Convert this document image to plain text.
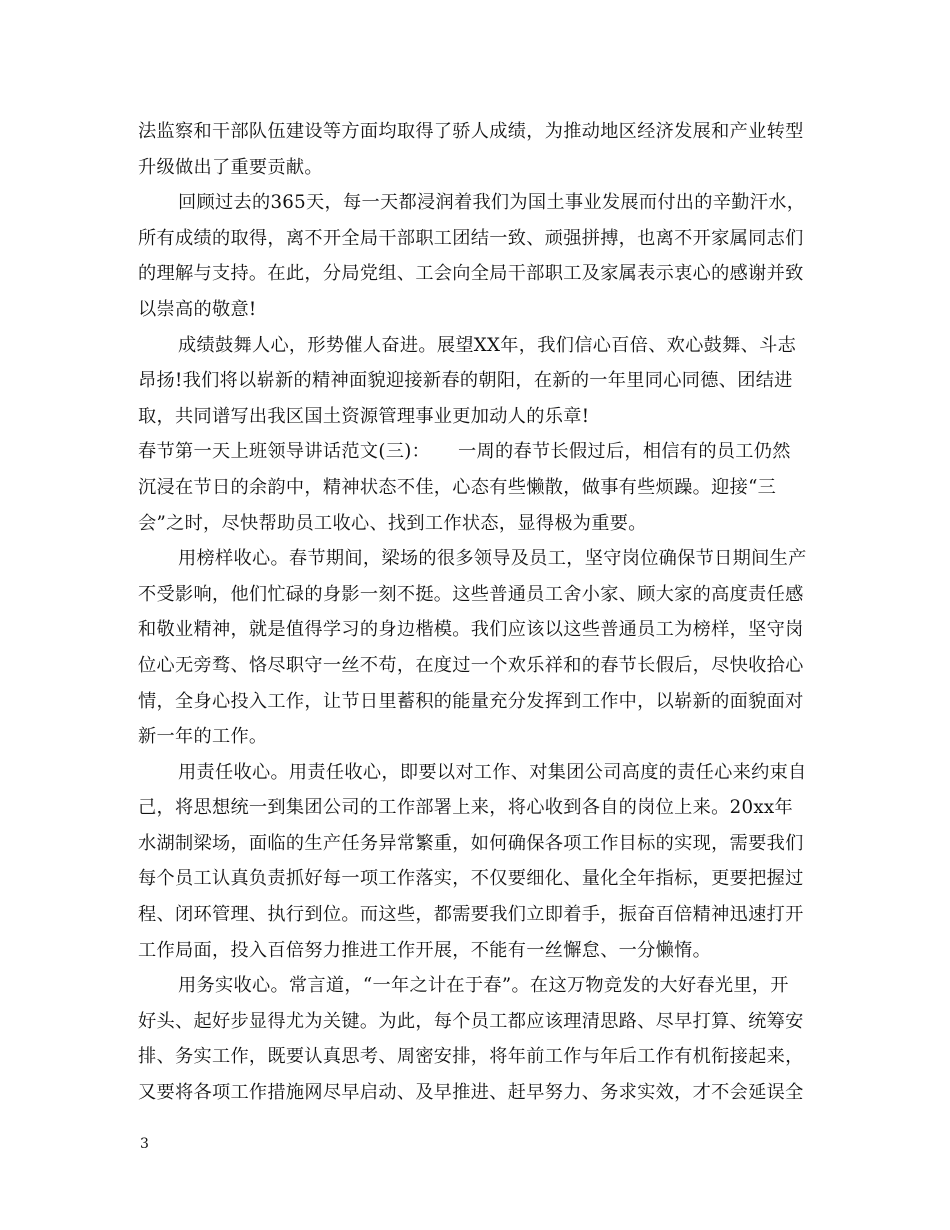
法监察和干部队伍建设等方面均取得了骄人成绩，为推动地区经济发展和产业转型
升级做出了重要贡献。
回顾过去的365天，每一天都浸润着我们为国土事业发展而付出的辛勤汗水，
所有成绩的取得，离不开全局干部职工团结一致、顽强拼搏，也离不开家属同志们
的理解与支持。在此，分局党组、工会向全局干部职工及家属表示衷心的感谢并致
以崇高的敬意!
成绩鼓舞人心，形势催人奋进。展望XX年，我们信心百倍、欢心鼓舞、斗志
昂扬!我们将以崭新的精神面貌迎接新春的朝阳，在新的一年里同心同德、团结进
取，共同谱写出我区国土资源管理事业更加动人的乐章!
春节第一天上班领导讲话范文(三)：　　一周的春节长假过后，相信有的员工仍然
沉浸在节日的余韵中，精神状态不佳，心态有些懒散，做事有些烦躁。迎接“三
会”之时，尽快帮助员工收心、找到工作状态，显得极为重要。
用榜样收心。春节期间，梁场的很多领导及员工，坚守岗位确保节日期间生产
不受影响，他们忙碌的身影一刻不挺。这些普通员工舍小家、顾大家的高度责任感
和敬业精神，就是值得学习的身边楷模。我们应该以这些普通员工为榜样，坚守岗
位心无旁骛、恪尽职守一丝不苟，在度过一个欢乐祥和的春节长假后，尽快收拾心
情，全身心投入工作，让节日里蓄积的能量充分发挥到工作中，以崭新的面貌面对
新一年的工作。
用责任收心。用责任收心，即要以对工作、对集团公司高度的责任心来约束自
己，将思想统一到集团公司的工作部署上来，将心收到各自的岗位上来。20xx年
水湖制梁场，面临的生产任务异常繁重，如何确保各项工作目标的实现，需要我们
每个员工认真负责抓好每一项工作落实，不仅要细化、量化全年指标，更要把握过
程、闭环管理、执行到位。而这些，都需要我们立即着手，振奋百倍精神迅速打开
工作局面，投入百倍努力推进工作开展，不能有一丝懈怠、一分懒惰。
用务实收心。常言道，“一年之计在于春”。在这万物竞发的大好春光里，开
好头、起好步显得尤为关键。为此，每个员工都应该理清思路、尽早打算、统筹安
排、务实工作，既要认真思考、周密安排，将年前工作与年后工作有机衔接起来，
又要将各项工作措施网尽早启动、及早推进、赶早努力、务求实效，才不会延误全
3
